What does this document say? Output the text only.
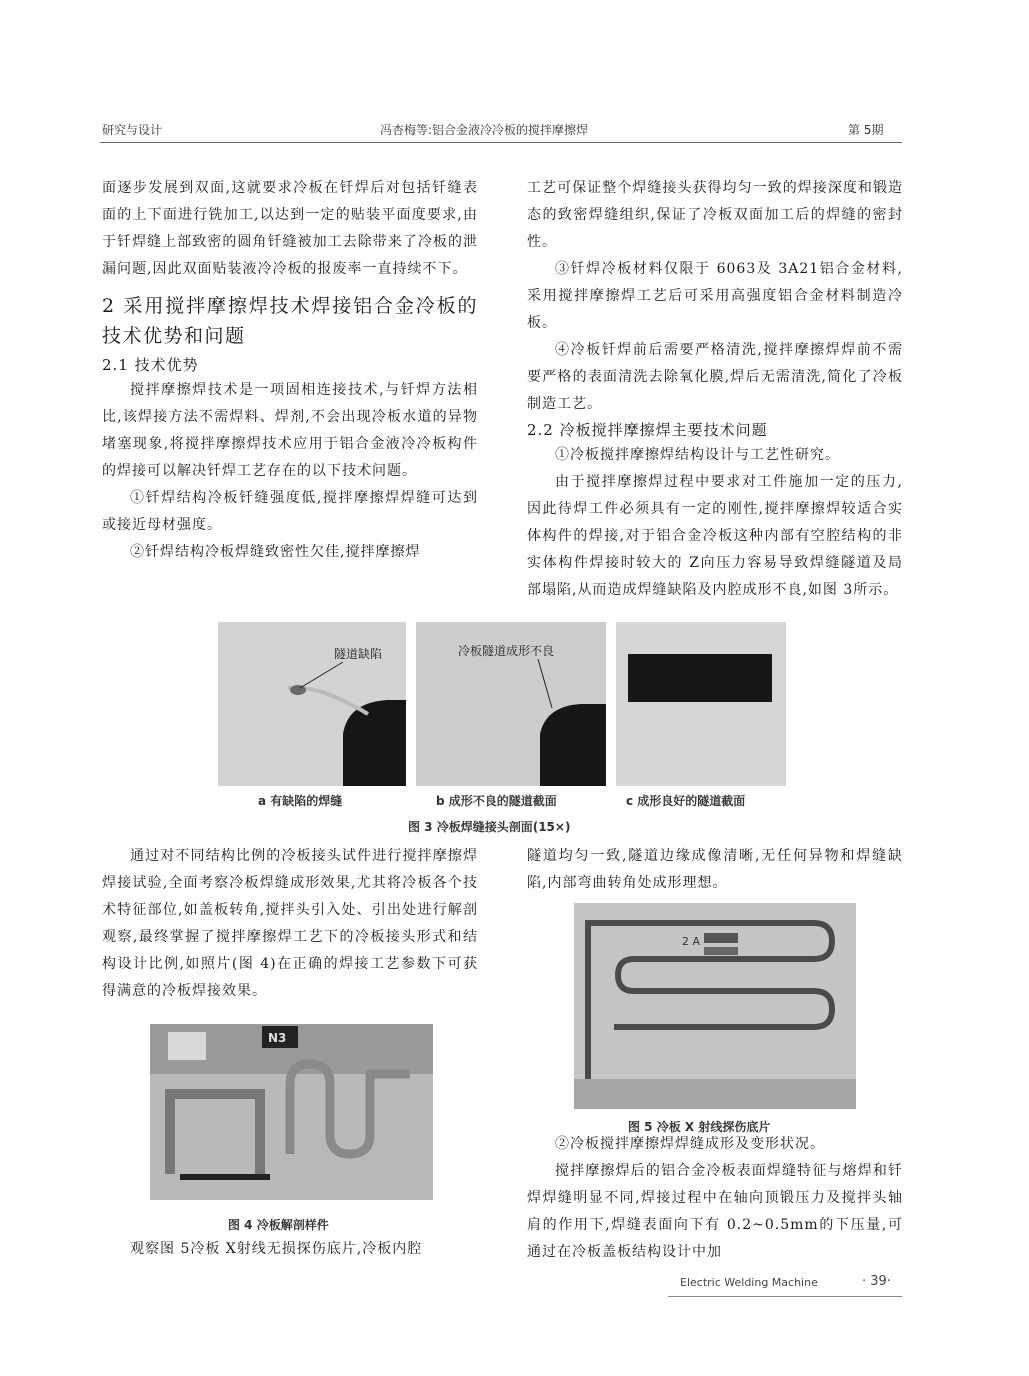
研究与设计	冯杏梅等:铝合金液冷冷板的搅拌摩擦焊	第 5期

面逐步发展到双面,这就要求冷板在钎焊后对包括钎缝表面的上下面进行铣加工,以达到一定的贴装平面度要求,由于钎焊缝上部致密的圆角钎缝被加工去除带来了冷板的泄漏问题,因此双面贴装液冷冷板的报废率一直持续不下。

2 采用搅拌摩擦焊技术焊接铝合金冷板的技术优势和问题

2.1 技术优势

搅拌摩擦焊技术是一项固相连接技术,与钎焊方法相比,该焊接方法不需焊料、焊剂,不会出现冷板水道的异物堵塞现象,将搅拌摩擦焊技术应用于铝合金液冷冷板构件的焊接可以解决钎焊工艺存在的以下技术问题。

①钎焊结构冷板钎缝强度低,搅拌摩擦焊焊缝可达到或接近母材强度。

②钎焊结构冷板焊缝致密性欠佳,搅拌摩擦焊

工艺可保证整个焊缝接头获得均匀一致的焊接深度和锻造态的致密焊缝组织,保证了冷板双面加工后的焊缝的密封性。

③钎焊冷板材料仅限于 6063及 3A21铝合金材料,采用搅拌摩擦焊工艺后可采用高强度铝合金材料制造冷板。

④冷板钎焊前后需要严格清洗,搅拌摩擦焊焊前不需要严格的表面清洗去除氧化膜,焊后无需清洗,简化了冷板制造工艺。

2.2 冷板搅拌摩擦焊主要技术问题

①冷板搅拌摩擦焊结构设计与工艺性研究。

由于搅拌摩擦焊过程中要求对工件施加一定的压力,因此待焊工件必须具有一定的刚性,搅拌摩擦焊较适合实体构件的焊接,对于铝合金冷板这种内部有空腔结构的非实体构件焊接时较大的 Z向压力容易导致焊缝隧道及局部塌陷,从而造成焊缝缺陷及内腔成形不良,如图 3所示。

隧道缺陷	冷板隧道成形不良
a 有缺陷的焊缝	b 成形不良的隧道截面	c 成形良好的隧道截面
图 3 冷板焊缝接头剖面(15×)

通过对不同结构比例的冷板接头试件进行搅拌摩擦焊焊接试验,全面考察冷板焊缝成形效果,尤其将冷板各个技术特征部位,如盖板转角,搅拌头引入处、引出处进行解剖观察,最终掌握了搅拌摩擦焊工艺下的冷板接头形式和结构设计比例,如照片(图 4)在正确的焊接工艺参数下可获得满意的冷板焊接效果。

N3
图 4 冷板解剖样件

观察图 5冷板 X射线无损探伤底片,冷板内腔

隧道均匀一致,隧道边缘成像清晰,无任何异物和焊缝缺陷,内部弯曲转角处成形理想。

2 A
图 5 冷板 X 射线探伤底片

②冷板搅拌摩擦焊焊缝成形及变形状况。

搅拌摩擦焊后的铝合金冷板表面焊缝特征与熔焊和钎焊焊缝明显不同,焊接过程中在轴向顶锻压力及搅拌头轴肩的作用下,焊缝表面向下有 0.2~0.5mm的下压量,可通过在冷板盖板结构设计中加

Electric Welding Machine	· 39·
